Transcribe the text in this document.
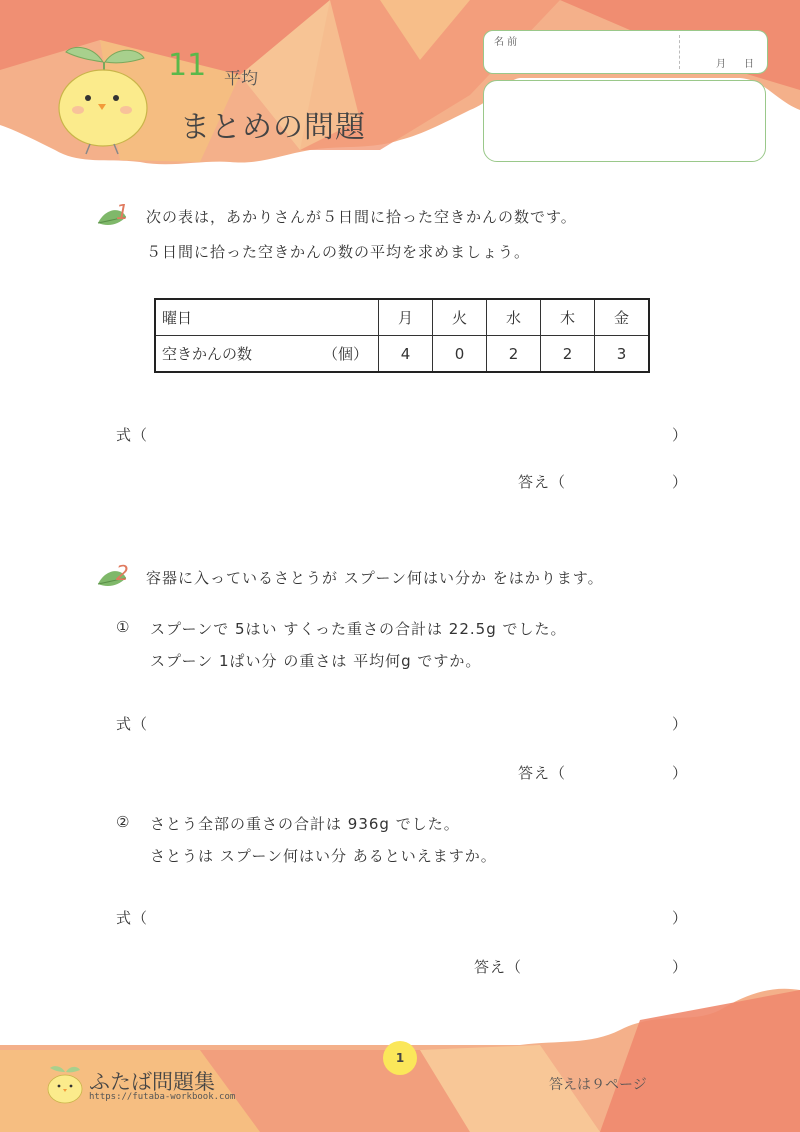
11 平均
まとめの問題
名 前
月 日
1 次の表は，あかりさんが５日間に拾った空きかんの数です。
５日間に拾った空きかんの数の平均を求めましょう。
曜日	月	火	水	木	金
空きかんの数 （個）	4	0	2	2	3
式（	）
答え（	）
2 容器に入っているさとうが スプーン何はい分か をはかります。
① スプーンで 5はい すくった重さの合計は 22.5g でした。
スプーン 1ぱい分 の重さは 平均何g ですか。
式（	）
答え（	）
② さとう全部の重さの合計は 936g でした。
さとうは スプーン何はい分 あるといえますか。
式（	）
答え（	）
1
ふたば問題集
https://futaba-workbook.com
答えは９ページ
